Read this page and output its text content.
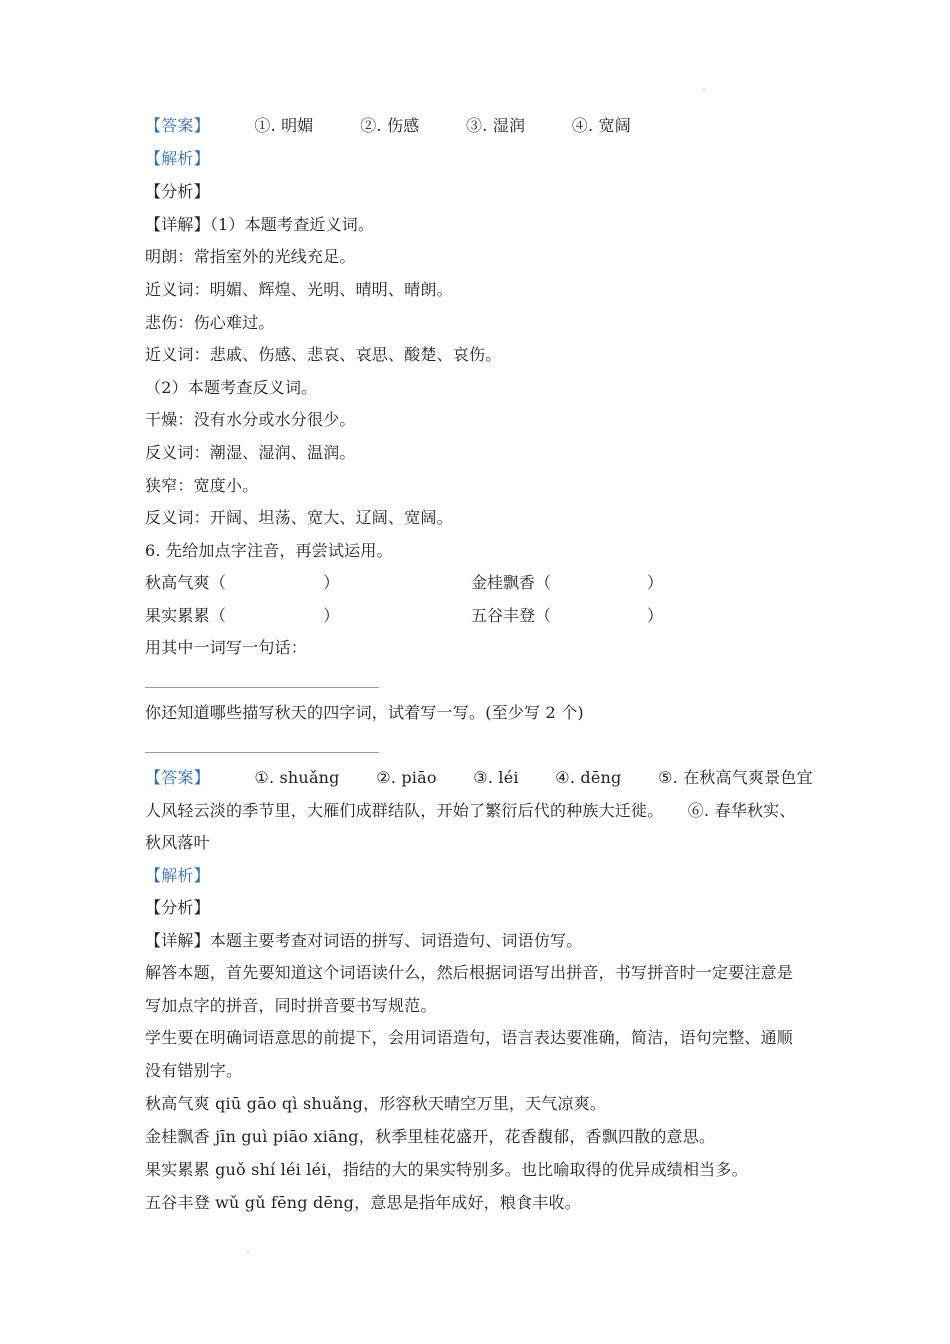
【答案】	①. 明媚	②. 伤感	③. 湿润	④. 宽阔
【解析】
【分析】
【详解】（1）本题考查近义词。
明朗：常指室外的光线充足。
近义词：明媚、辉煌、光明、晴明、晴朗。
悲伤：伤心难过。
近义词：悲戚、伤感、悲哀、哀思、酸楚、哀伤。
（2）本题考查反义词。
干燥：没有水分或水分很少。
反义词：潮湿、湿润、温润。
狭窄：宽度小。
反义词：开阔、坦荡、宽大、辽阔、宽阔。
6. 先给加点字注音，再尝试运用。
秋高气爽（　　　　　　）	金桂飘香（　　　　　　）
果实累累（　　　　　　）	五谷丰登（　　　　　　）
用其中一词写一句话：
你还知道哪些描写秋天的四字词，试着写一写。(至少写 2 个)
【答案】	①. shuǎng ②. piāo ③. léi ④. dēng ⑤. 在秋高气爽景色宜
人风轻云淡的季节里，大雁们成群结队，开始了繁衍后代的种族大迁徙。　　⑥. 春华秋实、
秋风落叶
【解析】
【分析】
【详解】本题主要考查对词语的拼写、词语造句、词语仿写。
解答本题，首先要知道这个词语读什么，然后根据词语写出拼音，书写拼音时一定要注意是
写加点字的拼音，同时拼音要书写规范。
学生要在明确词语意思的前提下，会用词语造句，语言表达要准确，简洁，语句完整、通顺
没有错别字。
秋高气爽 qiū gāo qì shuǎng，形容秋天晴空万里，天气凉爽。
金桂飘香 jīn guì piāo xiāng，秋季里桂花盛开，花香馥郁，香飘四散的意思。
果实累累 guǒ shí léi léi，指结的大的果实特别多。也比喻取得的优异成绩相当多。
五谷丰登 wǔ gǔ fēng dēng，意思是指年成好，粮食丰收。
